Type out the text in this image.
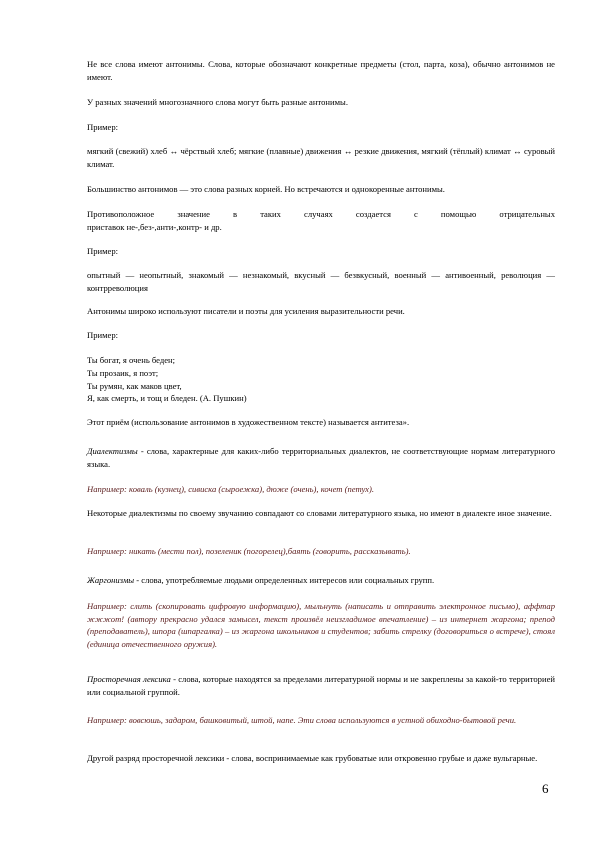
Не все слова имеют антонимы. Слова, которые обозначают конкретные предметы (стол, парта, коза), обычно антонимов не имеют.

У разных значений многозначного слова могут быть разные антонимы.

Пример:

мягкий (свежий) хлеб ↔ чёрствый хлеб; мягкие (плавные) движения ↔ резкие движения, мягкий (тёплый) климат ↔ суровый климат.

Большинство антонимов — это слова разных корней. Но встречаются и однокоренные антонимы.

Противоположное значение в таких случаях создается с помощью отрицательных

приставок не-,без-,анти-,контр- и др.

Пример:

опытный — неопытный, знакомый — незнакомый, вкусный — безвкусный, военный — антивоенный, революция — контрреволюция

Антонимы широко используют писатели и поэты для усиления выразительности речи.

Пример:

Ты богат, я очень беден;

Ты прозаик, я поэт;

Ты румян, как маков цвет,

Я, как смерть, и тощ и бледен. (А. Пушкин)

Этот приём (использование антонимов в художественном тексте) называется антитеза».

Диалектизмы - слова, характерные для каких-либо территориальных диалектов, не соответствующие нормам литературного языка.

Например: коваль (кузнец), сивиска (сыроежка), дюже (очень), кочет (петух).

Некоторые диалектизмы по своему звучанию совпадают со словами литературного языка, но имеют в диалекте иное значение.

Например: никать (мести пол), позеленик (погорелец),баять (говорить, рассказывать).

Жаргонизмы - слова, употребляемые людьми определенных интересов или социальных групп.

Например: слить (скопировать цифровую информацию), мыльнуть (написать и отправить электронное письмо), аффтар жжжот! (автору прекрасно удался замысел, текст произвёл неизгладимое впечатление) – из интернет жаргона; препод (преподаватель), шпора (шпаргалка) – из жаргона школьников и студентов; забить стрелку (договориться о встрече), стоял (единица отечественного оружия).

Просторечная лексика - слова, которые находятся за пределами литературной нормы и не закреплены за какой-то территорией или социальной группой.

Например: вовсюшь, задаром, башковитый, штой, напе. Эти слова используются в устной обиходно-бытовой речи.

Другой разряд просторечной лексики - слова, воспринимаемые как грубоватые или откровенно грубые и даже вульгарные.

6
